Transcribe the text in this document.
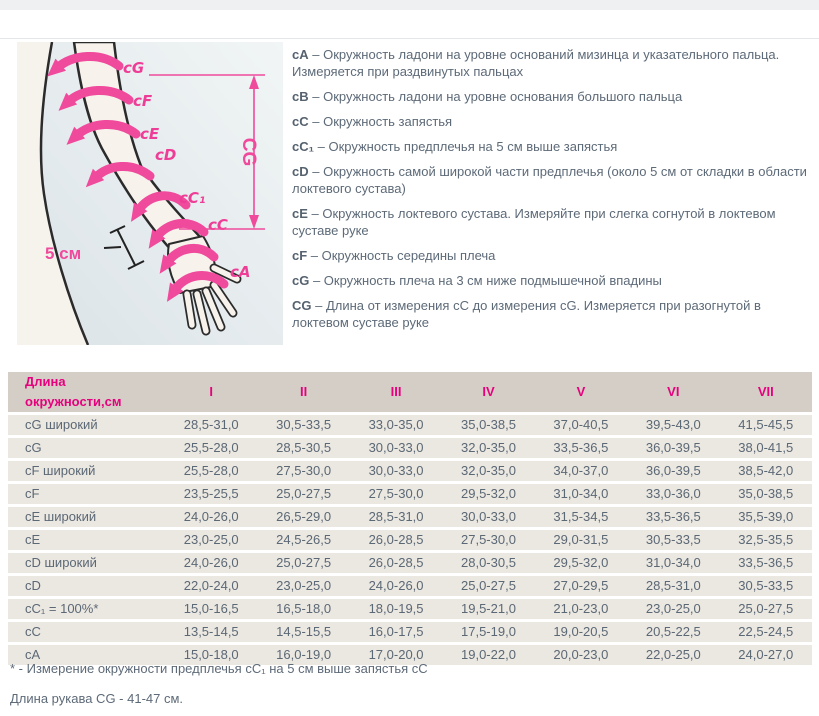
cG
cF
cE
cD
cC₁
cC
cA
CG
5 см
cA – Окружность ладони на уровне оснований мизинца и указательного пальца. Измеряется при раздвинутых пальцах
cB – Окружность ладони на уровне основания большого пальца
cC – Окружность запястья
cC₁ – Окружность предплечья на 5 см выше запястья
cD – Окружность самой широкой части предплечья (около 5 см от складки в области локтевого сустава)
cE – Окружность локтевого сустава. Измеряйте при слегка согнутой в локтевом суставе руке
cF – Окружность середины плеча
cG – Окружность плеча на 3 см ниже подмышечной впадины
CG – Длина от измерения cC до измерения cG. Измеряется при разогнутой в локтевом суставе руке
Длина окружности,см	I	II	III	IV	V	VI	VII
cG широкий	28,5-31,0	30,5-33,5	33,0-35,0	35,0-38,5	37,0-40,5	39,5-43,0	41,5-45,5
cG	25,5-28,0	28,5-30,5	30,0-33,0	32,0-35,0	33,5-36,5	36,0-39,5	38,0-41,5
cF широкий	25,5-28,0	27,5-30,0	30,0-33,0	32,0-35,0	34,0-37,0	36,0-39,5	38,5-42,0
cF	23,5-25,5	25,0-27,5	27,5-30,0	29,5-32,0	31,0-34,0	33,0-36,0	35,0-38,5
cE широкий	24,0-26,0	26,5-29,0	28,5-31,0	30,0-33,0	31,5-34,5	33,5-36,5	35,5-39,0
cE	23,0-25,0	24,5-26,5	26,0-28,5	27,5-30,0	29,0-31,5	30,5-33,5	32,5-35,5
cD широкий	24,0-26,0	25,0-27,5	26,0-28,5	28,0-30,5	29,5-32,0	31,0-34,0	33,5-36,5
cD	22,0-24,0	23,0-25,0	24,0-26,0	25,0-27,5	27,0-29,5	28,5-31,0	30,5-33,5
cC₁ = 100%*	15,0-16,5	16,5-18,0	18,0-19,5	19,5-21,0	21,0-23,0	23,0-25,0	25,0-27,5
cC	13,5-14,5	14,5-15,5	16,0-17,5	17,5-19,0	19,0-20,5	20,5-22,5	22,5-24,5
cA	15,0-18,0	16,0-19,0	17,0-20,0	19,0-22,0	20,0-23,0	22,0-25,0	24,0-27,0
* - Измерение окружности предплечья cC₁ на 5 см выше запястья cC
Длина рукава CG - 41-47 см.
